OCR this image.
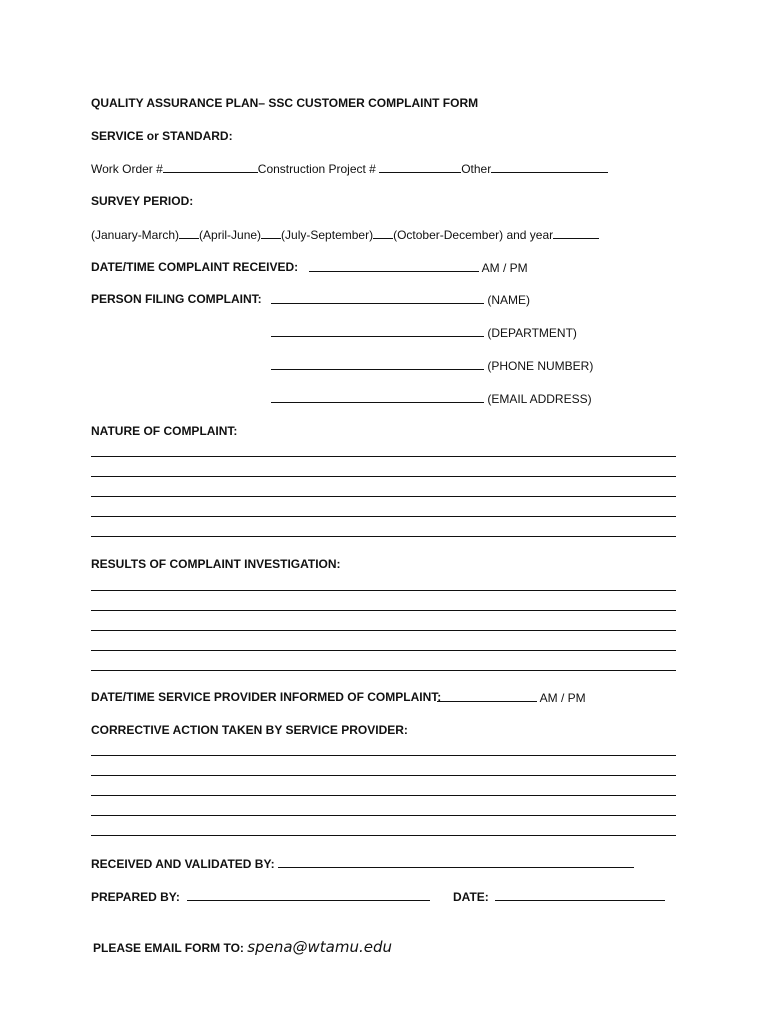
QUALITY ASSURANCE PLAN– SSC CUSTOMER COMPLAINT FORM
SERVICE or STANDARD:
Work Order #	Construction Project #	Other
SURVEY PERIOD:
(January-March) (April-June) (July-September) (October-December) and year
DATE/TIME COMPLAINT RECEIVED:	AM / PM
PERSON FILING COMPLAINT:	(NAME)
(DEPARTMENT)
(PHONE NUMBER)
(EMAIL ADDRESS)
NATURE OF COMPLAINT:
RESULTS OF COMPLAINT INVESTIGATION:
DATE/TIME SERVICE PROVIDER INFORMED OF COMPLAINT:	AM / PM
CORRECTIVE ACTION TAKEN BY SERVICE PROVIDER:
RECEIVED AND VALIDATED BY:
PREPARED BY:	DATE:
PLEASE EMAIL FORM TO: spena@wtamu.edu
